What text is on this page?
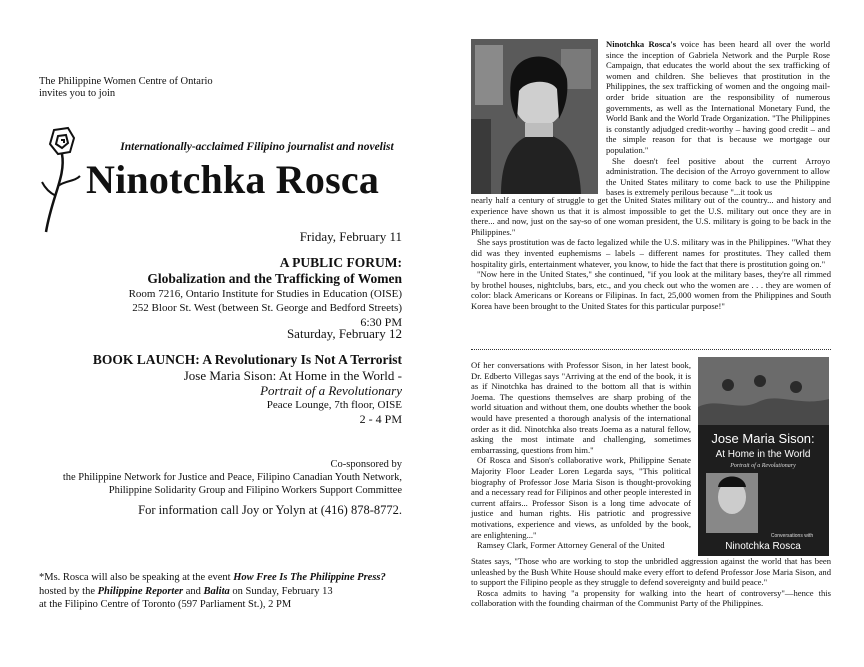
The Philippine Women Centre of Ontario
invites you to join
Internationally-acclaimed Filipino journalist and novelist
Ninotchka Rosca
Friday, February 11
A PUBLIC FORUM:
Globalization and the Trafficking of Women
Room 7216, Ontario Institute for Studies in Education (OISE)
252 Bloor St. West (between St. George and Bedford Streets)
6:30 PM
Saturday, February 12
BOOK LAUNCH: A Revolutionary Is Not A Terrorist
Jose Maria Sison: At Home in the World -
Portrait of a Revolutionary
Peace Lounge, 7th floor, OISE
2 - 4 PM
Co-sponsored by
the Philippine Network for Justice and Peace, Filipino Canadian Youth Network,
Philippine Solidarity Group and Filipino Workers Support Committee
For information call Joy or Yolyn at (416) 878-8772.
*Ms. Rosca will also be speaking at the event How Free Is The Philippine Press?
hosted by the Philippine Reporter and Balita on Sunday, February 13
at the Filipino Centre of Toronto (597 Parliament St.), 2 PM

Ninotchka Rosca's voice has been heard all over the world since the inception of Gabriela Network and the Purple Rose Campaign, that educates the world about the sex trafficking of women and children. She believes that prostitution in the Philippines, the sex trafficking of women and the ongoing mail-order bride situation are the responsibility of numerous governments, as well as the International Monetary Fund, the World Bank and the World Trade Organization. "The Philippines is constantly adjudged credit-worthy – having good credit – and the simple reason for that is because we mortgage our population."

She doesn't feel positive about the current Arroyo administration. The decision of the Arroyo government to allow the United States military to come back to use the Philippine bases is extremely perilous because "...it took us

nearly half a century of struggle to get the United States military out of the country... and history and experience have shown us that it is almost impossible to get the U.S. military out once they are in there... and now, just on the say-so of one woman president, the U.S. military is going to be back in the Philippines."

She says prostitution was de facto legalized while the U.S. military was in the Philippines. "What they did was they invented euphemisms – labels – different names for prostitutes. They called them hospitality girls, entertainment whatever, you know, to hide the fact that there is prostitution going on."

"Now here in the United States," she continued, "if you look at the military bases, they're all rimmed by brothel houses, nightclubs, bars, etc., and you check out who the women are . . . they are women of color: black Americans or Koreans or Filipinas. In fact, 25,000 women from the Philippines and South Korea have been brought to the United States for this particular purpose!"

Of her conversations with Professor Sison, in her latest book, Dr. Edberto Villegas says "Arriving at the end of the book, it is as if Ninotchka has drained to the bottom all that is within Joema. The questions themselves are sharp probing of the world situation and without them, one doubts whether the book would have presented a thorough analysis of the international order as it did. Ninotchka also treats Joema as a natural fellow, asking the most intimate and challenging, sometimes embarrassing, questions from him."

Of Rosca and Sison's collaborative work, Philippine Senate Majority Floor Leader Loren Legarda says, "This political biography of Professor Jose Maria Sison is thought-provoking and a necessary read for Filipinos and other people interested in current affairs... Professor Sison is a long time advocate of justice and human rights. His patriotic and progressive motivations, experience and views, as unfolded by the book, are enlightening..."

Ramsey Clark, Former Attorney General of the United

Jose Maria Sison:
At Home in the World
Portrait of a Revolutionary
Conversations with
Ninotchka Rosca

States says, "Those who are working to stop the unbridled aggression against the world that has been unleashed by the Bush White House should make every effort to defend Professor Jose Maria Sison, and to support the Filipino people as they struggle to defend sovereignty and build peace."

Rosca admits to having "a propensity for walking into the heart of controversy"—hence this collaboration with the founding chairman of the Communist Party of the Philippines.
